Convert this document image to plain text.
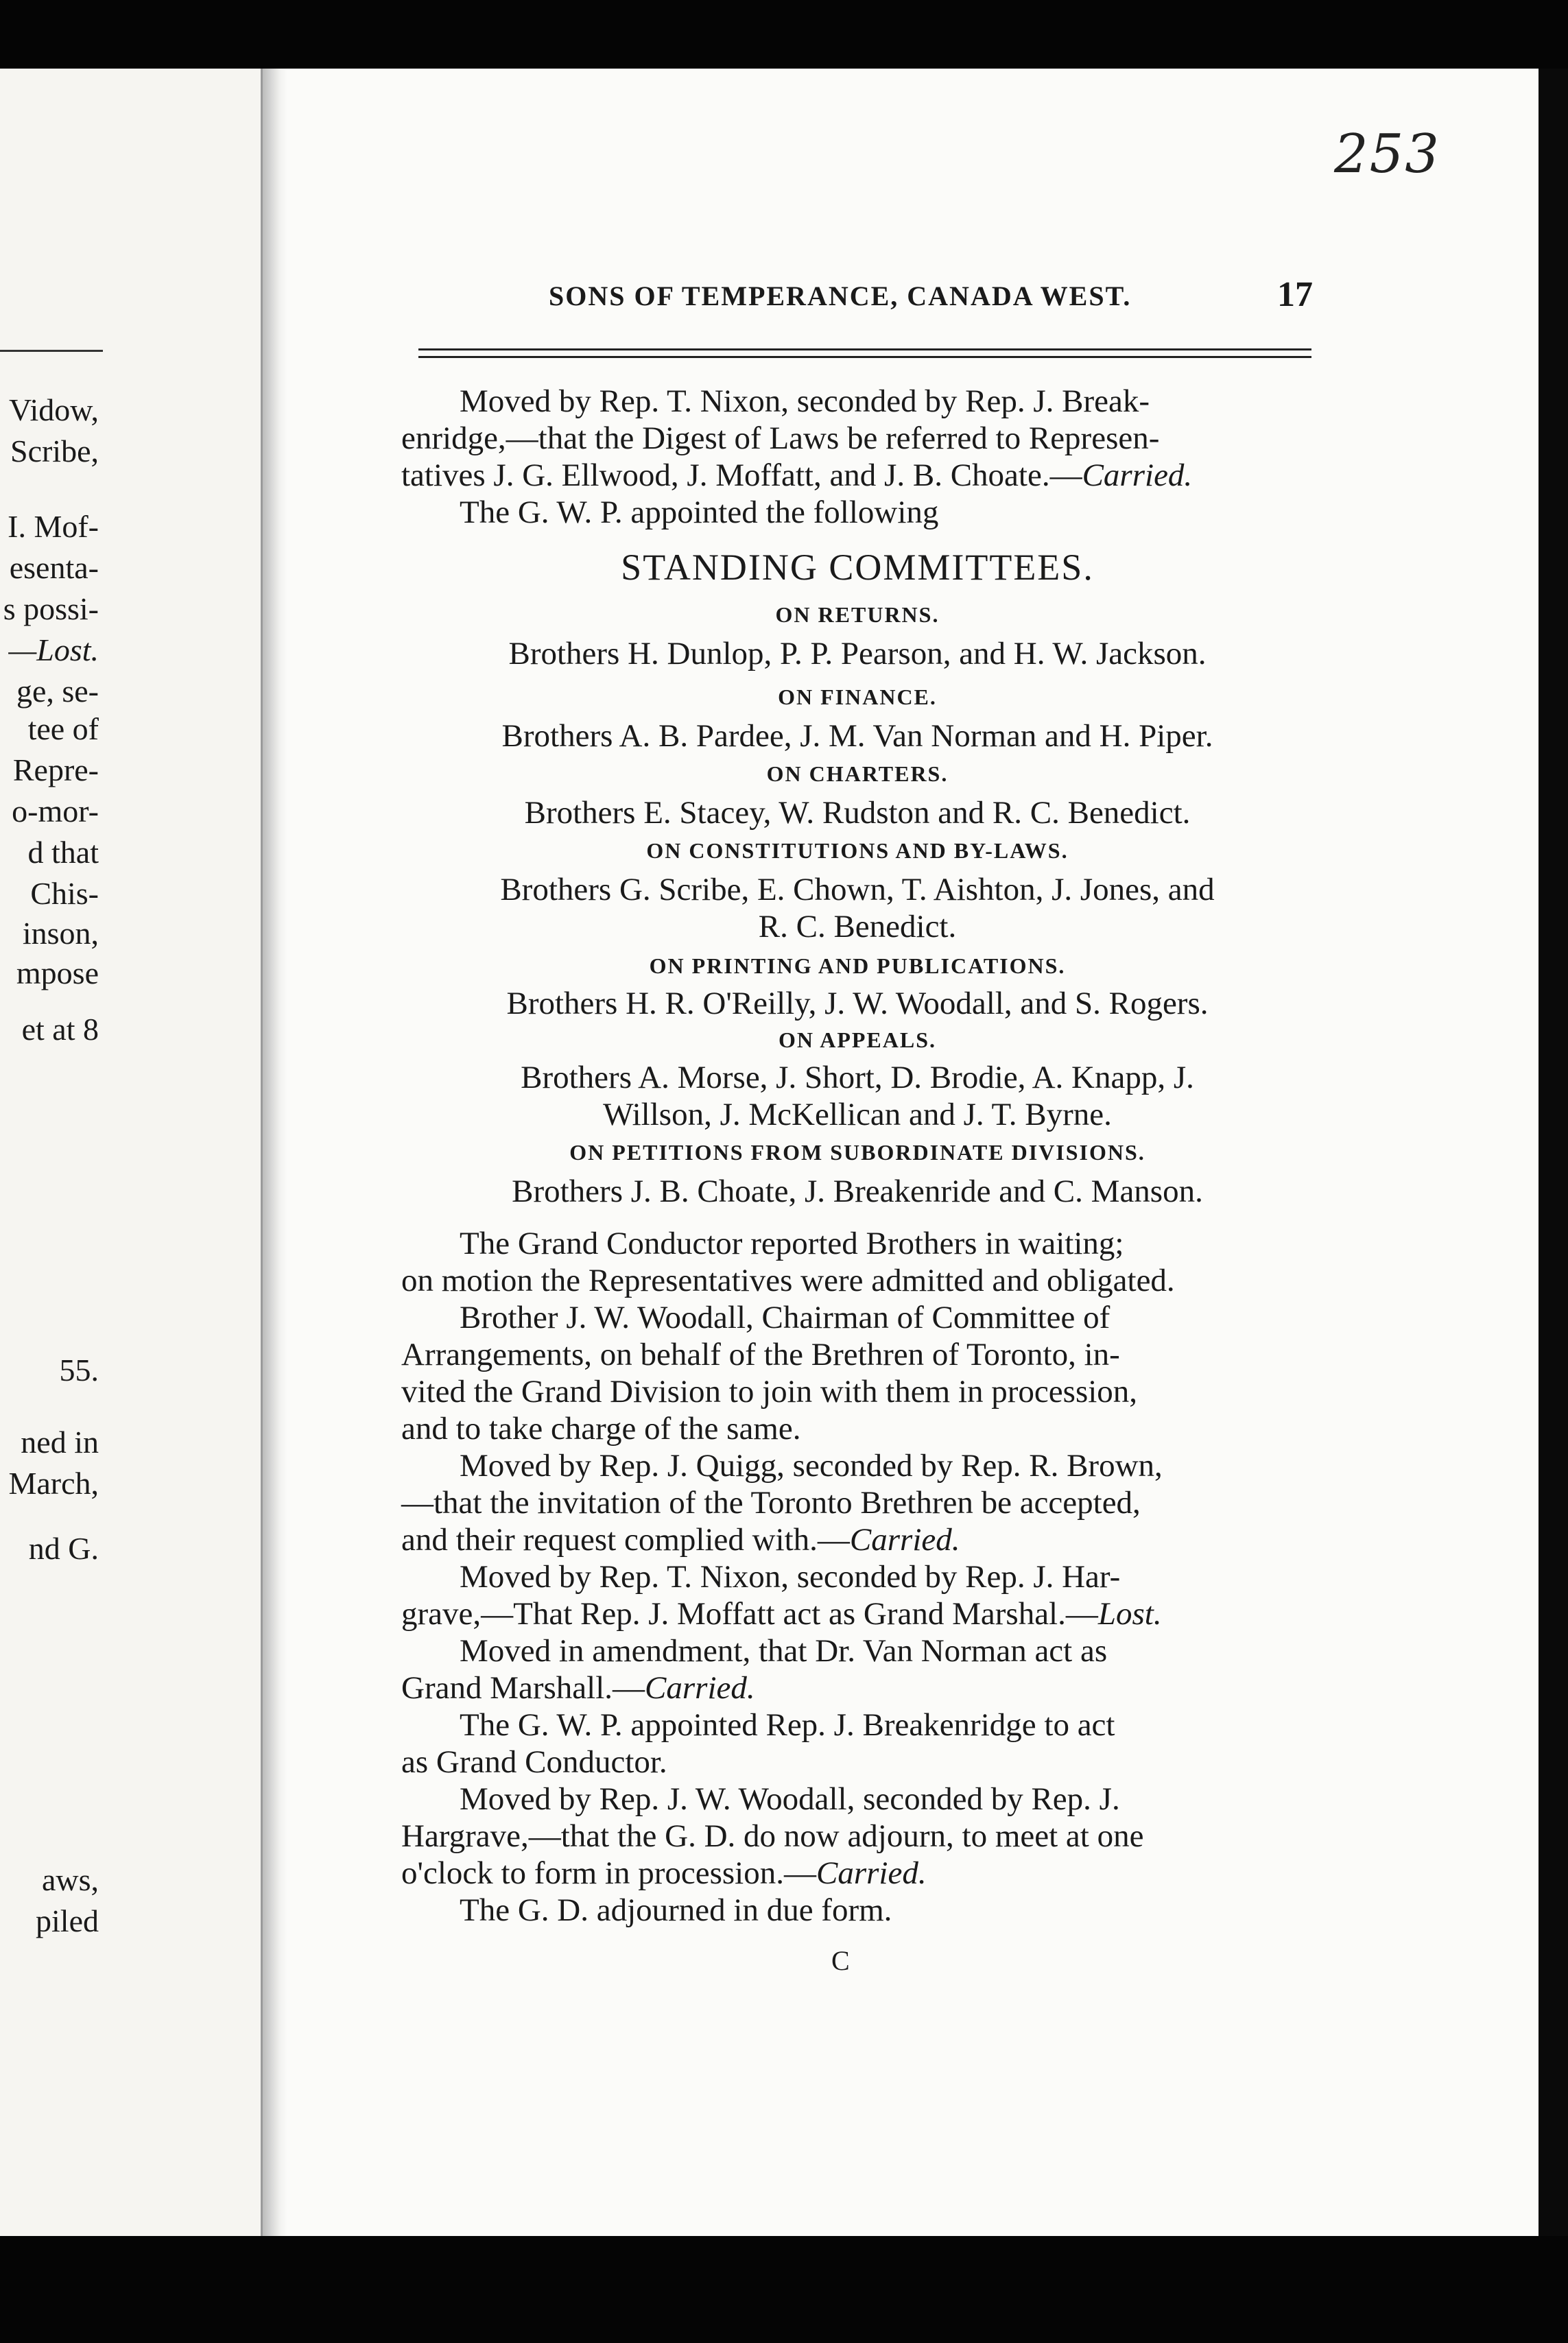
Vidow,
Scribe,
I. Mof-
esenta-
s possi-
—Lost.
ge, se-
tee of
Repre-
o-mor-
d that
Chis-
inson,
mpose
et at 8
55.
ned in
March,
nd G.
aws,
piled
253
SONS OF TEMPERANCE, CANADA WEST.	17
Moved by Rep. T. Nixon, seconded by Rep. J. Break-
enridge,—that the Digest of Laws be referred to Represen-
tatives J. G. Ellwood, J. Moffatt, and J. B. Choate.—Carried.
The G. W. P. appointed the following
STANDING COMMITTEES.
ON RETURNS.
Brothers H. Dunlop, P. P. Pearson, and H. W. Jackson.
ON FINANCE.
Brothers A. B. Pardee, J. M. Van Norman and H. Piper.
ON CHARTERS.
Brothers E. Stacey, W. Rudston and R. C. Benedict.
ON CONSTITUTIONS AND BY-LAWS.
Brothers G. Scribe, E. Chown, T. Aishton, J. Jones, and
R. C. Benedict.
ON PRINTING AND PUBLICATIONS.
Brothers H. R. O'Reilly, J. W. Woodall, and S. Rogers.
ON APPEALS.
Brothers A. Morse, J. Short, D. Brodie, A. Knapp, J.
Willson, J. McKellican and J. T. Byrne.
ON PETITIONS FROM SUBORDINATE DIVISIONS.
Brothers J. B. Choate, J. Breakenride and C. Manson.
The Grand Conductor reported Brothers in waiting;
on motion the Representatives were admitted and obligated.
Brother J. W. Woodall, Chairman of Committee of
Arrangements, on behalf of the Brethren of Toronto, in-
vited the Grand Division to join with them in procession,
and to take charge of the same.
Moved by Rep. J. Quigg, seconded by Rep. R. Brown,
—that the invitation of the Toronto Brethren be accepted,
and their request complied with.—Carried.
Moved by Rep. T. Nixon, seconded by Rep. J. Har-
grave,—That Rep. J. Moffatt act as Grand Marshal.—Lost.
Moved in amendment, that Dr. Van Norman act as
Grand Marshall.—Carried.
The G. W. P. appointed Rep. J. Breakenridge to act
as Grand Conductor.
Moved by Rep. J. W. Woodall, seconded by Rep. J.
Hargrave,—that the G. D. do now adjourn, to meet at one
o'clock to form in procession.—Carried.
The G. D. adjourned in due form.
C
